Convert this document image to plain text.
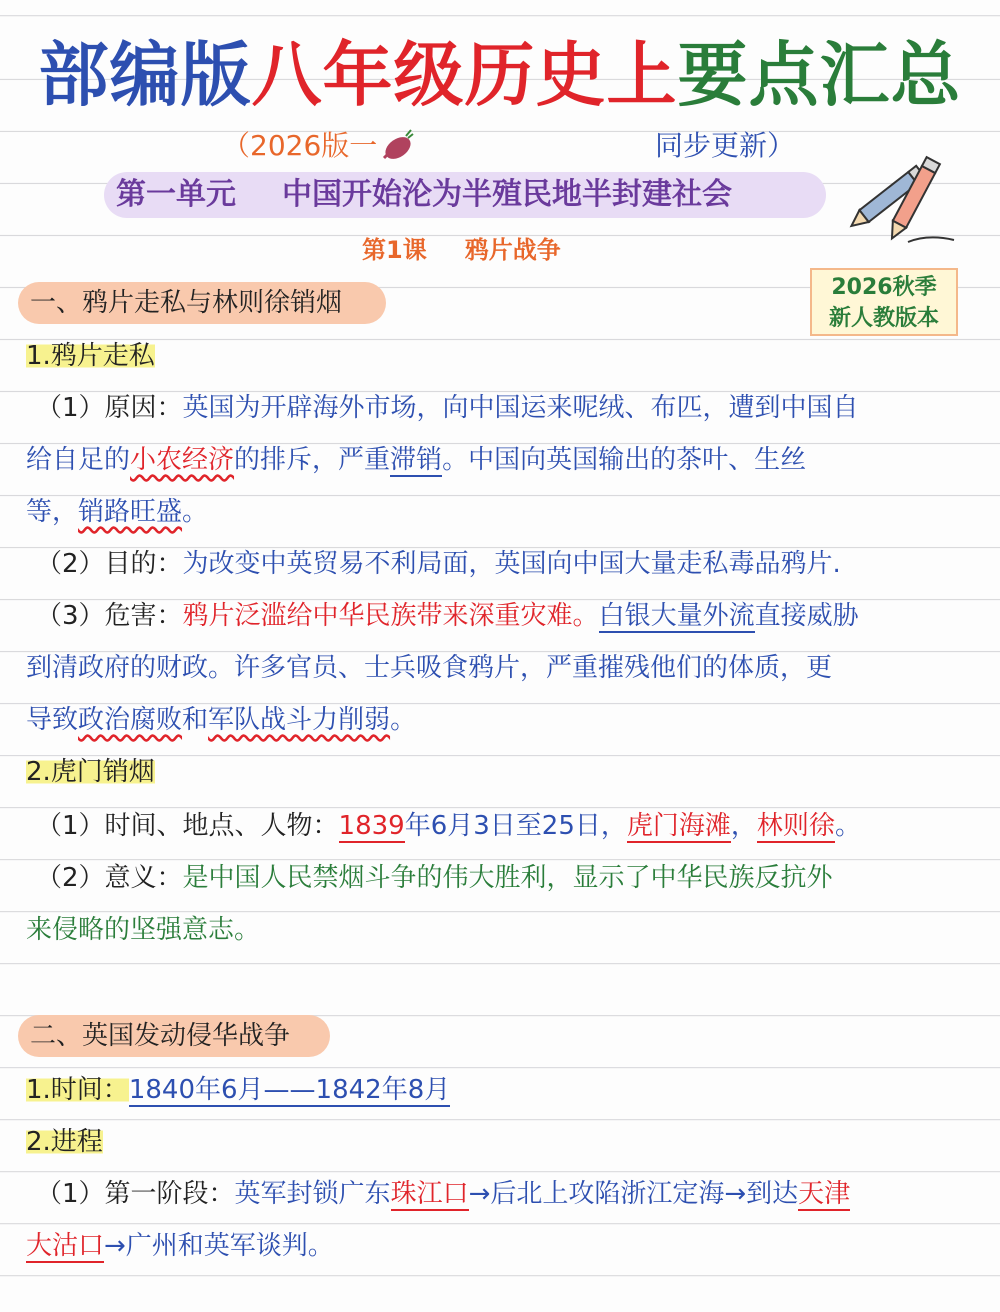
部编版八年级历史上要点汇总
（2026版一	同步更新）
第一单元 中国开始沦为半殖民地半封建社会
第1课 鸦片战争
2026秋季
新人教版本
一、鸦片走私与林则徐销烟
1.鸦片走私
（1）原因：英国为开辟海外市场，向中国运来呢绒、布匹，遭到中国自
给自足的小农经济的排斥，严重滞销。中国向英国输出的茶叶、生丝
等，销路旺盛。
（2）目的：为改变中英贸易不利局面，英国向中国大量走私毒品鸦片.
（3）危害：鸦片泛滥给中华民族带来深重灾难。白银大量外流直接威胁
到清政府的财政。许多官员、士兵吸食鸦片，严重摧残他们的体质，更
导致政治腐败和军队战斗力削弱。
2.虎门销烟
（1）时间、地点、人物：1839年6月3日至25日，虎门海滩，林则徐。
（2）意义：是中国人民禁烟斗争的伟大胜利，显示了中华民族反抗外
来侵略的坚强意志。
二、英国发动侵华战争
1.时间：1840年6月——1842年8月
2.进程
（1）第一阶段：英军封锁广东珠江口→后北上攻陷浙江定海→到达天津
大沽口→广州和英军谈判。
